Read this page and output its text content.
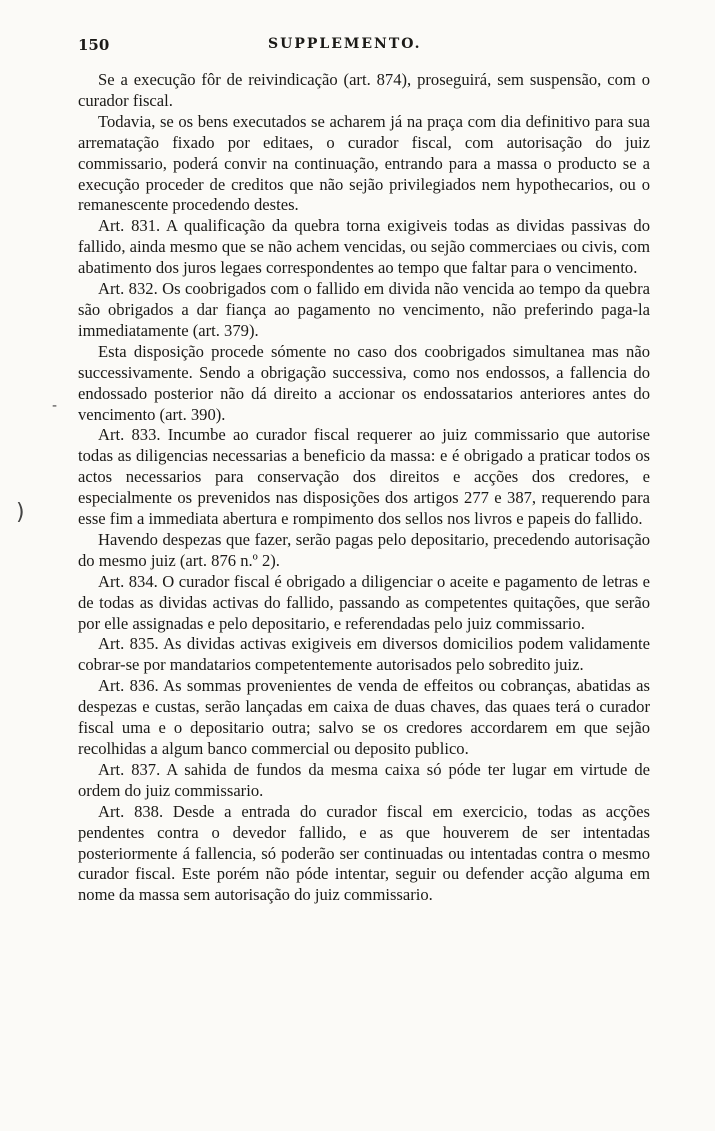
150	SUPPLEMENTO.

Se a execução fôr de reivindicação (art. 874), proseguirá, sem suspensão, com o curador fiscal.

Todavia, se os bens executados se acharem já na praça com dia definitivo para sua arrematação fixado por editaes, o curador fiscal, com autorisação do juiz commissario, poderá convir na continuação, entrando para a massa o producto se a execução proceder de creditos que não sejão privilegiados nem hypothecarios, ou o remanescente procedendo destes.

Art. 831. A qualificação da quebra torna exigiveis todas as dividas passivas do fallido, ainda mesmo que se não achem vencidas, ou sejão commerciaes ou civis, com abatimento dos juros legaes correspondentes ao tempo que faltar para o vencimento.

Art. 832. Os coobrigados com o fallido em divida não vencida ao tempo da quebra são obrigados a dar fiança ao pagamento no vencimento, não preferindo paga-la immediatamente (art. 379).

Esta disposição procede sómente no caso dos coobrigados simultanea mas não successivamente. Sendo a obrigação successiva, como nos endossos, a fallencia do endossado posterior não dá direito a accionar os endossatarios anteriores antes do vencimento (art. 390).

Art. 833. Incumbe ao curador fiscal requerer ao juiz commissario que autorise todas as diligencias necessarias a beneficio da massa: e é obrigado a praticar todos os actos necessarios para conservação dos direitos e acções dos credores, e especialmente os prevenidos nas disposições dos artigos 277 e 387, requerendo para esse fim a immediata abertura e rompimento dos sellos nos livros e papeis do fallido.

Havendo despezas que fazer, serão pagas pelo depositario, precedendo autorisação do mesmo juiz (art. 876 n.º 2).

Art. 834. O curador fiscal é obrigado a diligenciar o aceite e pagamento de letras e de todas as dividas activas do fallido, passando as competentes quitações, que serão por elle assignadas e pelo depositario, e referendadas pelo juiz commissario.

Art. 835. As dividas activas exigiveis em diversos domicilios podem validamente cobrar-se por mandatarios competentemente autorisados pelo sobredito juiz.

Art. 836. As sommas provenientes de venda de effeitos ou cobranças, abatidas as despezas e custas, serão lançadas em caixa de duas chaves, das quaes terá o curador fiscal uma e o depositario outra; salvo se os credores accordarem em que sejão recolhidas a algum banco commercial ou deposito publico.

Art. 837. A sahida de fundos da mesma caixa só póde ter lugar em virtude de ordem do juiz commissario.

Art. 838. Desde a entrada do curador fiscal em exercicio, todas as acções pendentes contra o devedor fallido, e as que houverem de ser intentadas posteriormente á fallencia, só poderão ser continuadas ou intentadas contra o mesmo curador fiscal. Este porém não póde intentar, seguir ou defender acção alguma em nome da massa sem autorisação do juiz commissario.

)
-
